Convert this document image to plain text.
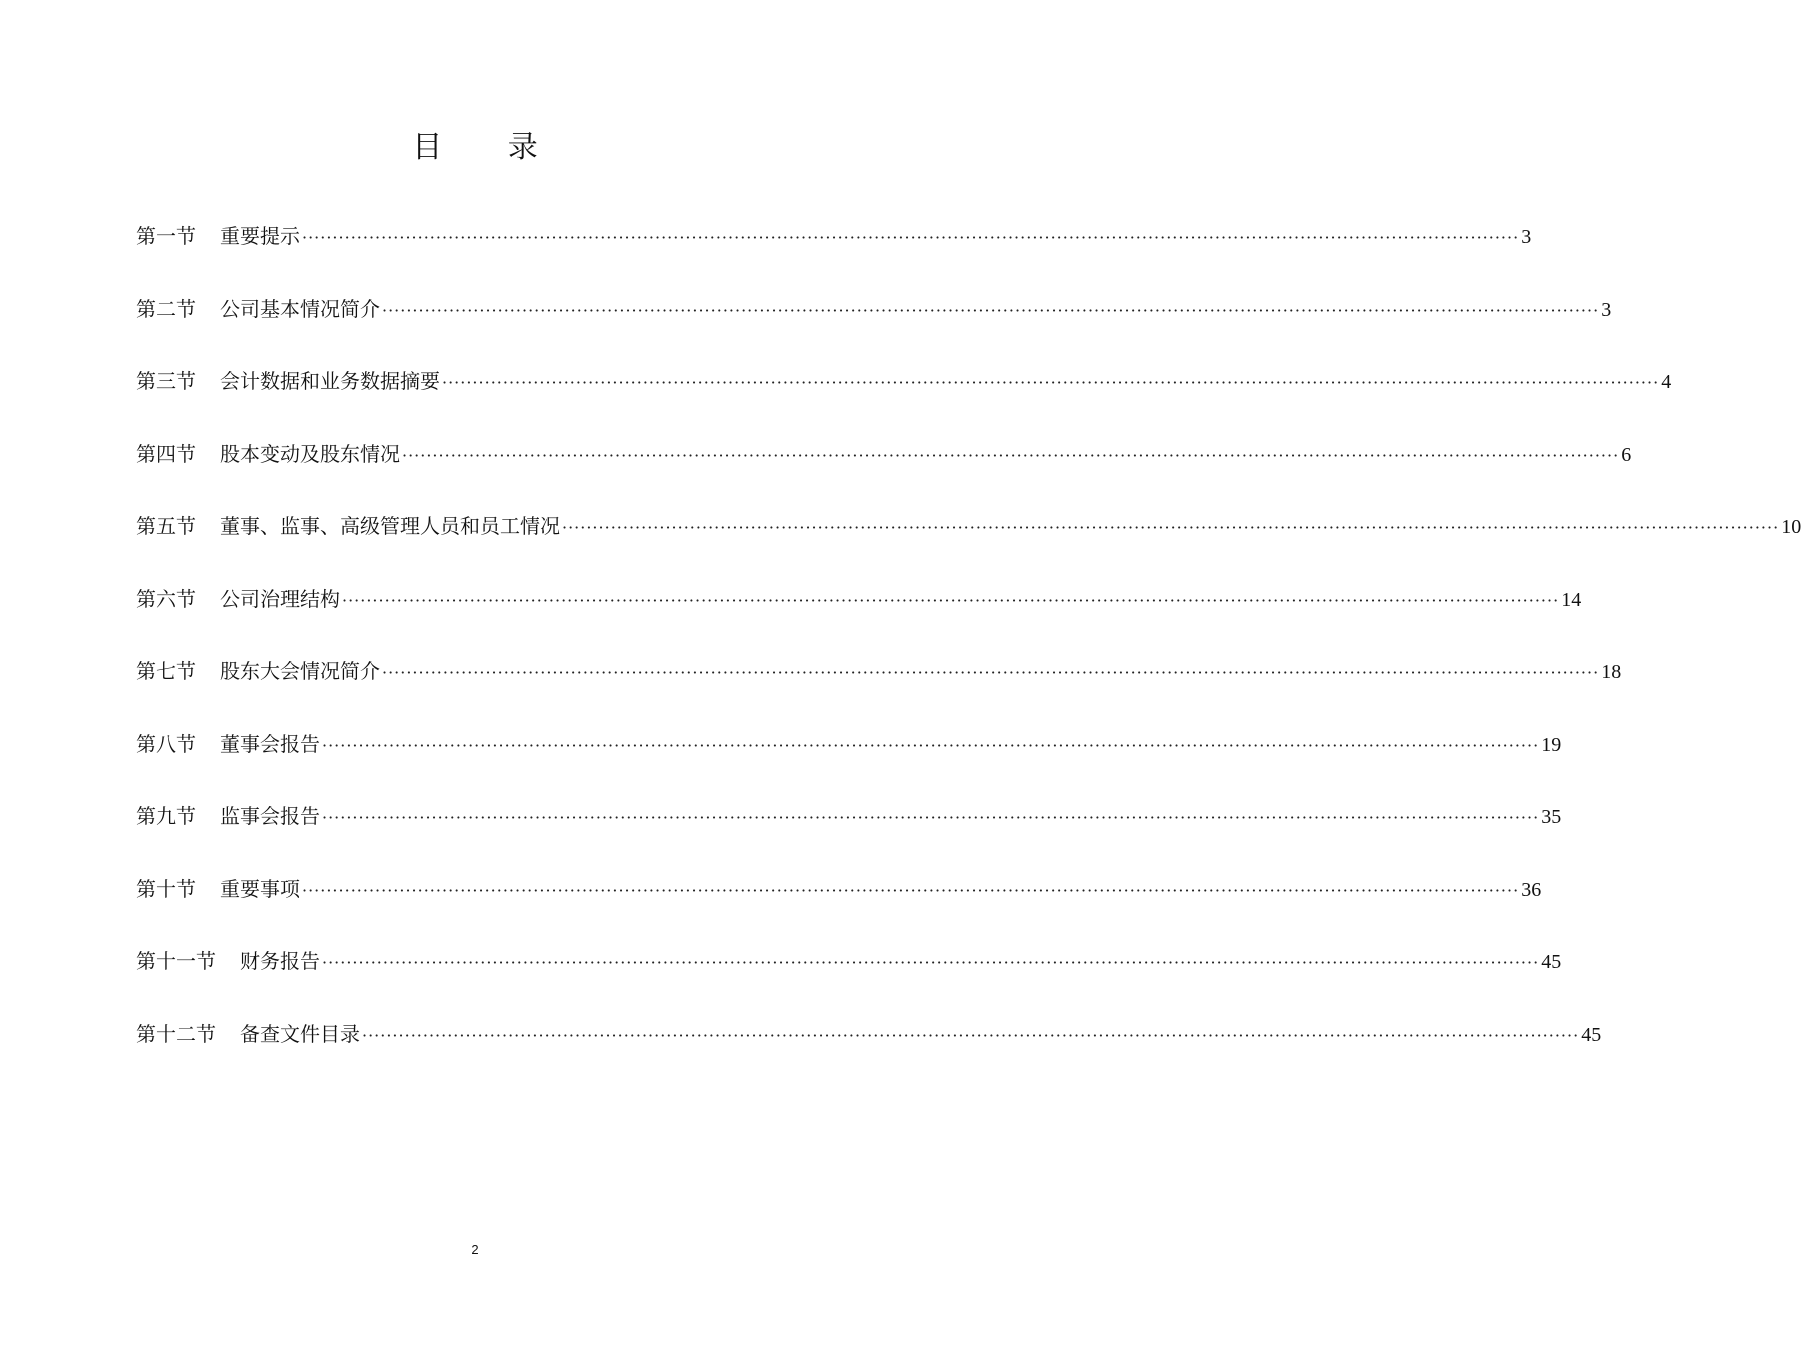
目 录
第一节	重要提示 ········································································································································································································ 3
第二节	公司基本情况简介 ········································································································································································································ 3
第三节	会计数据和业务数据摘要 ········································································································································································································ 4
第四节	股本变动及股东情况 ········································································································································································································ 6
第五节	董事、监事、高级管理人员和员工情况 ········································································································································································································ 10
第六节	公司治理结构 ········································································································································································································ 14
第七节	股东大会情况简介 ········································································································································································································ 18
第八节	董事会报告 ········································································································································································································ 19
第九节	监事会报告 ········································································································································································································ 35
第十节	重要事项 ········································································································································································································ 36
第十一节	财务报告 ········································································································································································································ 45
第十二节	备查文件目录 ········································································································································································································ 45
2
